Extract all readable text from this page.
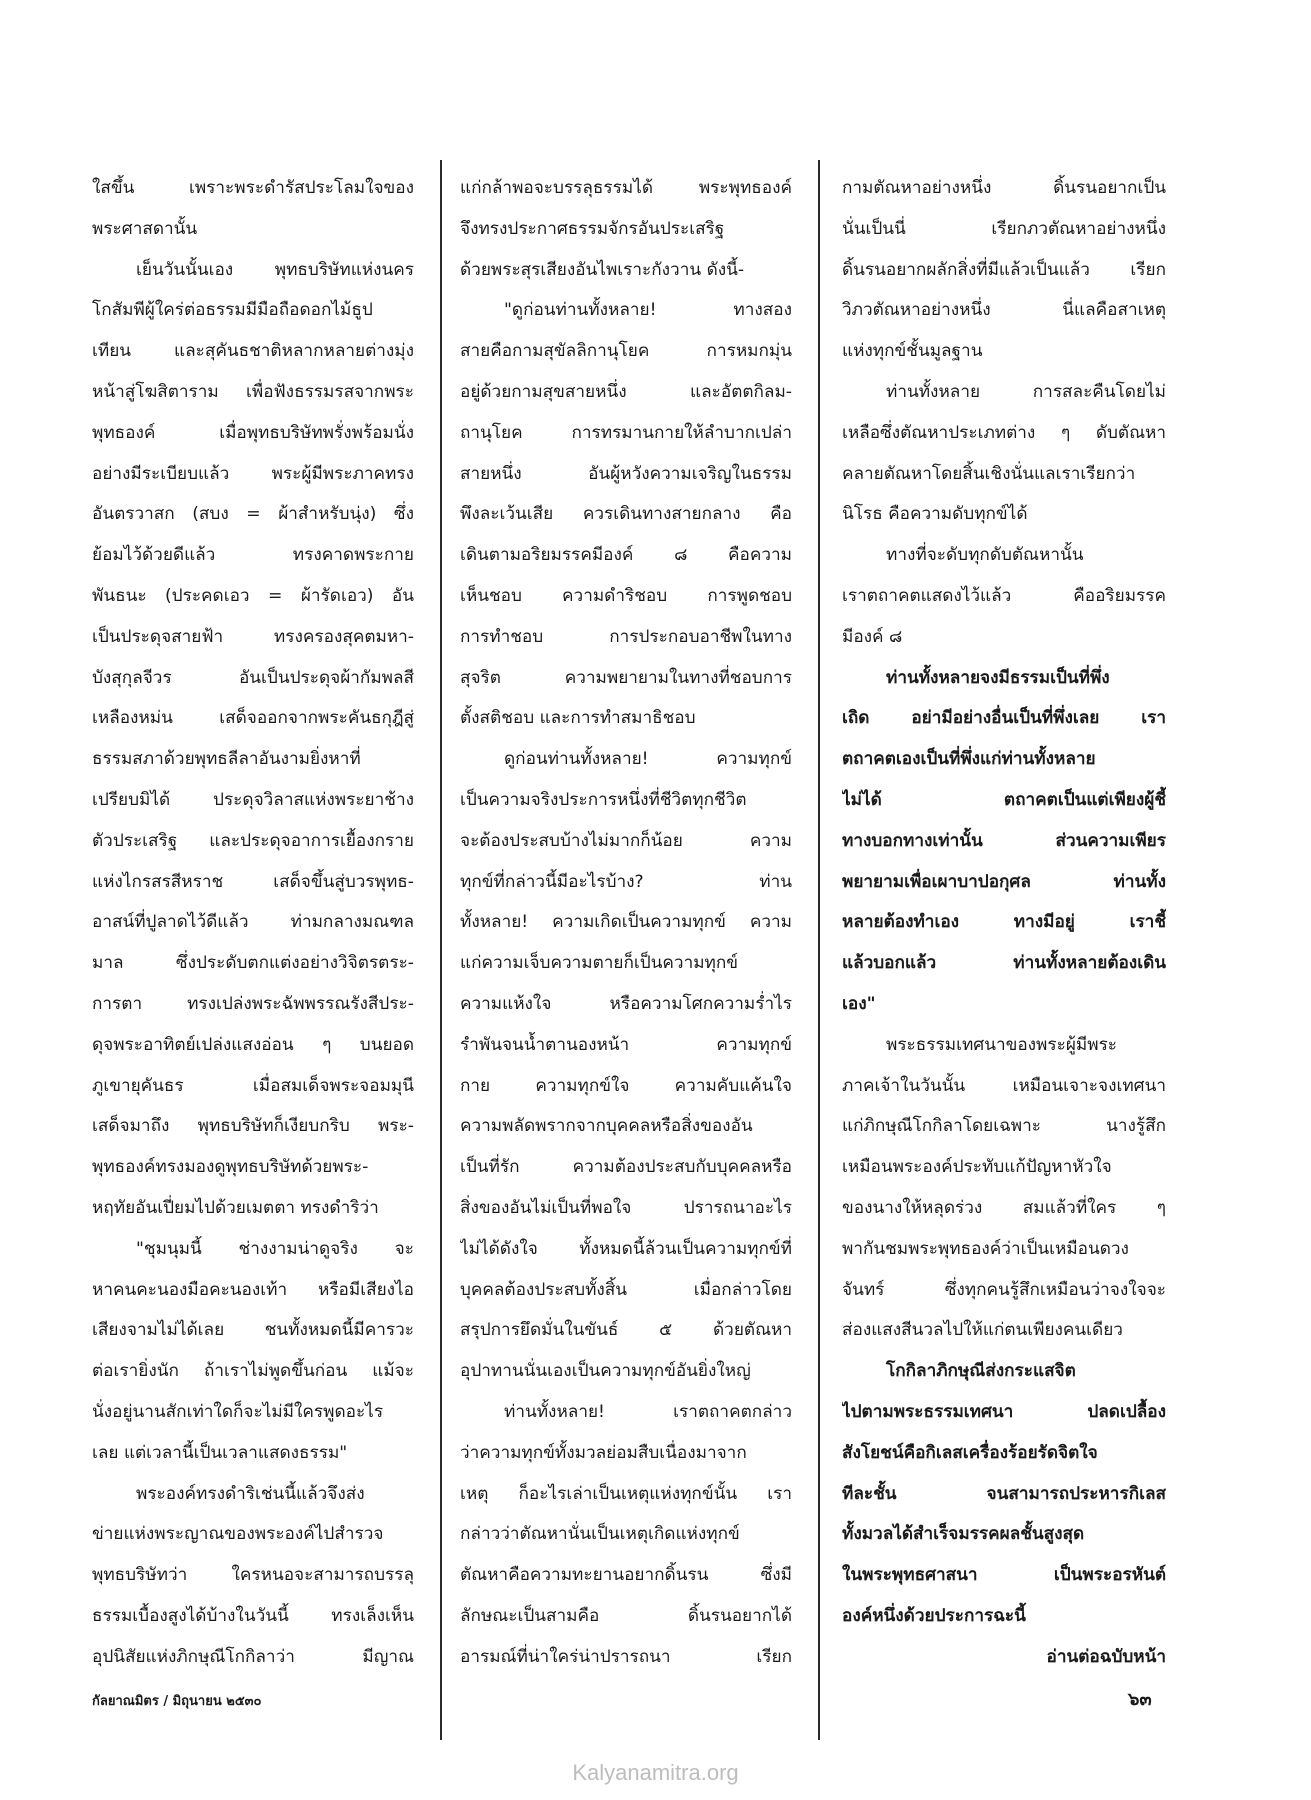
ใสขึ้น เพราะพระดำรัสประโลมใจของ
พระศาสดานั้น
เย็นวันนั้นเอง พุทธบริษัทแห่งนคร
โกสัมพีผู้ใคร่ต่อธรรมมีมือถือดอกไม้ธูป
เทียน และสุคันธชาติหลากหลายต่างมุ่ง
หน้าสู่โฆสิตาราม เพื่อฟังธรรมรสจากพระ
พุทธองค์ เมื่อพุทธบริษัทพรั่งพร้อมนั่ง
อย่างมีระเบียบแล้ว พระผู้มีพระภาคทรง
อันตรวาสก (สบง = ผ้าสำหรับนุ่ง) ซึ่ง
ย้อมไว้ด้วยดีแล้ว ทรงคาดพระกาย
พันธนะ (ประคดเอว = ผ้ารัดเอว) อัน
เป็นประดุจสายฟ้า ทรงครองสุคตมหา-
บังสุกุลจีวร อันเป็นประดุจผ้ากัมพลสี
เหลืองหม่น เสด็จออกจากพระคันธกุฎีสู่
ธรรมสภาด้วยพุทธลีลาอันงามยิ่งหาที่
เปรียบมิได้ ประดุจวิลาสแห่งพระยาช้าง
ตัวประเสริฐ และประดุจอาการเยื้องกราย
แห่งไกรสรสีหราช เสด็จขึ้นสู่บวรพุทธ-
อาสน์ที่ปูลาดไว้ดีแล้ว ท่ามกลางมณฑล
มาล ซึ่งประดับตกแต่งอย่างวิจิตรตระ-
การตา ทรงเปล่งพระฉัพพรรณรังสีประ-
ดุจพระอาทิตย์เปล่งแสงอ่อน ๆ บนยอด
ภูเขายุคันธร เมื่อสมเด็จพระจอมมุนี
เสด็จมาถึง พุทธบริษัทก็เงียบกริบ พระ-
พุทธองค์ทรงมองดูพุทธบริษัทด้วยพระ-
หฤทัยอันเปี่ยมไปด้วยเมตตา ทรงดำริว่า
"ชุมนุมนี้ ช่างงามน่าดูจริง จะ
หาคนคะนองมือคะนองเท้า หรือมีเสียงไอ
เสียงจามไม่ได้เลย ชนทั้งหมดนี้มีคารวะ
ต่อเรายิ่งนัก ถ้าเราไม่พูดขึ้นก่อน แม้จะ
นั่งอยู่นานสักเท่าใดก็จะไม่มีใครพูดอะไร
เลย แต่เวลานี้เป็นเวลาแสดงธรรม"
พระองค์ทรงดำริเช่นนี้แล้วจึงส่ง
ข่ายแห่งพระญาณของพระองค์ไปสำรวจ
พุทธบริษัทว่า ใครหนอจะสามารถบรรลุ
ธรรมเบื้องสูงได้บ้างในวันนี้ ทรงเล็งเห็น
อุปนิสัยแห่งภิกษุณีโกกิลาว่า มีญาณ
แก่กล้าพอจะบรรลุธรรมได้ พระพุทธองค์
จึงทรงประกาศธรรมจักรอันประเสริฐ
ด้วยพระสุรเสียงอันไพเราะกังวาน ดังนี้-
"ดูก่อนท่านทั้งหลาย! ทางสอง
สายคือกามสุขัลลิกานุโยค การหมกมุ่น
อยู่ด้วยกามสุขสายหนึ่ง และอัตตกิลม-
ถานุโยค การทรมานกายให้ลำบากเปล่า
สายหนึ่ง อันผู้หวังความเจริญในธรรม
พึงละเว้นเสีย ควรเดินทางสายกลาง คือ
เดินตามอริยมรรคมีองค์ ๘ คือความ
เห็นชอบ ความดำริชอบ การพูดชอบ
การทำชอบ การประกอบอาชีพในทาง
สุจริต ความพยายามในทางที่ชอบการ
ตั้งสติชอบ และการทำสมาธิชอบ
ดูก่อนท่านทั้งหลาย! ความทุกข์
เป็นความจริงประการหนึ่งที่ชีวิตทุกชีวิต
จะต้องประสบบ้างไม่มากก็น้อย ความ
ทุกข์ที่กล่าวนี้มีอะไรบ้าง? ท่าน
ทั้งหลาย! ความเกิดเป็นความทุกข์ ความ
แก่ความเจ็บความตายก็เป็นความทุกข์
ความแห้งใจ หรือความโศกความร่ำไร
รำพันจนน้ำตานองหน้า ความทุกข์
กาย ความทุกข์ใจ ความคับแค้นใจ
ความพลัดพรากจากบุคคลหรือสิ่งของอัน
เป็นที่รัก ความต้องประสบกับบุคคลหรือ
สิ่งของอันไม่เป็นที่พอใจ ปรารถนาอะไร
ไม่ได้ดังใจ ทั้งหมดนี้ล้วนเป็นความทุกข์ที่
บุคคลต้องประสบทั้งสิ้น เมื่อกล่าวโดย
สรุปการยึดมั่นในขันธ์ ๕ ด้วยตัณหา
อุปาทานนั่นเองเป็นความทุกข์อันยิ่งใหญ่
ท่านทั้งหลาย! เราตถาคตกล่าว
ว่าความทุกข์ทั้งมวลย่อมสืบเนื่องมาจาก
เหตุ ก็อะไรเล่าเป็นเหตุแห่งทุกข์นั้น เรา
กล่าวว่าตัณหานั่นเป็นเหตุเกิดแห่งทุกข์
ตัณหาคือความทะยานอยากดิ้นรน ซึ่งมี
ลักษณะเป็นสามคือ ดิ้นรนอยากได้
อารมณ์ที่น่าใคร่น่าปรารถนา เรียก
กามตัณหาอย่างหนึ่ง ดิ้นรนอยากเป็น
นั่นเป็นนี่ เรียกภวตัณหาอย่างหนึ่ง
ดิ้นรนอยากผลักสิ่งที่มีแล้วเป็นแล้ว เรียก
วิภวตัณหาอย่างหนึ่ง นี่แลคือสาเหตุ
แห่งทุกข์ชั้นมูลฐาน
ท่านทั้งหลาย การสละคืนโดยไม่
เหลือซึ่งตัณหาประเภทต่าง ๆ ดับตัณหา
คลายตัณหาโดยสิ้นเชิงนั่นแลเราเรียกว่า
นิโรธ คือความดับทุกข์ได้
ทางที่จะดับทุกดับตัณหานั้น
เราตถาคตแสดงไว้แล้ว คืออริยมรรค
มีองค์ ๘
ท่านทั้งหลายจงมีธรรมเป็นที่พึ่ง
เถิด อย่ามีอย่างอื่นเป็นที่พึ่งเลย เรา
ตถาคตเองเป็นที่พึ่งแก่ท่านทั้งหลาย
ไม่ได้ ตถาคตเป็นแต่เพียงผู้ชี้
ทางบอกทางเท่านั้น ส่วนความเพียร
พยายามเพื่อเผาบาปอกุศล ท่านทั้ง
หลายต้องทำเอง ทางมีอยู่ เราชี้
แล้วบอกแล้ว ท่านทั้งหลายต้องเดิน
เอง"
พระธรรมเทศนาของพระผู้มีพระ
ภาคเจ้าในวันนั้น เหมือนเจาะจงเทศนา
แก่ภิกษุณีโกกิลาโดยเฉพาะ นางรู้สึก
เหมือนพระองค์ประทับแก้ปัญหาหัวใจ
ของนางให้หลุดร่วง สมแล้วที่ใคร ๆ
พากันชมพระพุทธองค์ว่าเป็นเหมือนดวง
จันทร์ ซึ่งทุกคนรู้สึกเหมือนว่าจงใจจะ
ส่องแสงสีนวลไปให้แก่ตนเพียงคนเดียว
โกกิลาภิกษุณีส่งกระแสจิต
ไปตามพระธรรมเทศนา ปลดเปลื้อง
สังโยชน์คือกิเลสเครื่องร้อยรัดจิตใจ
ทีละชั้น จนสามารถประหารกิเลส
ทั้งมวลได้สำเร็จมรรคผลชั้นสูงสุด
ในพระพุทธศาสนา เป็นพระอรหันต์
องค์หนึ่งด้วยประการฉะนี้
อ่านต่อฉบับหน้า
กัลยาณมิตร / มิถุนายน ๒๕๓๐	๖๓
Kalyanamitra.org
